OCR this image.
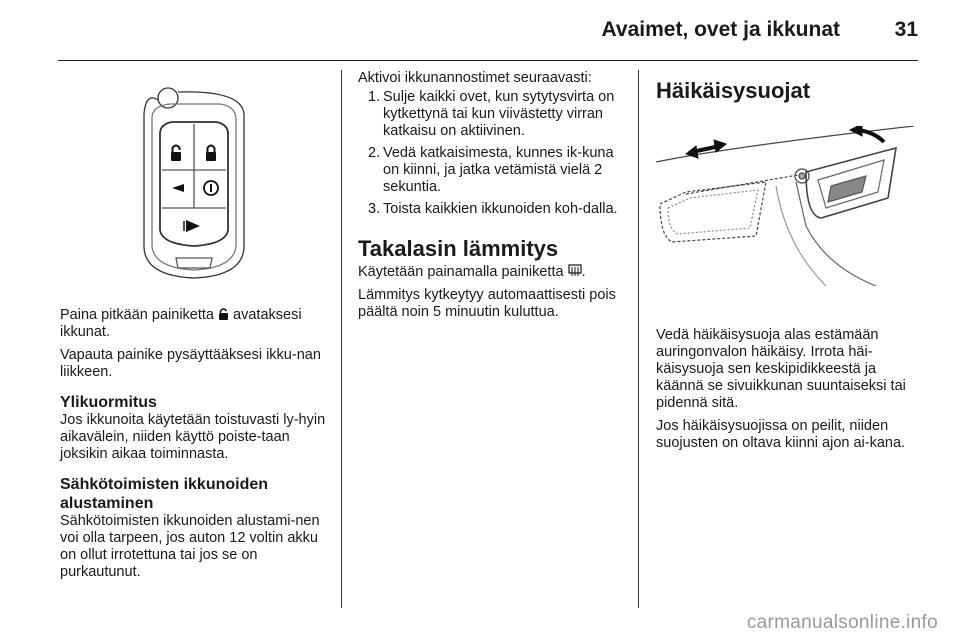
Avaimet, ovet ja ikkunat	31

Paina pitkään painiketta  avataksesi ikkunat.

Vapauta painike pysäyttääksesi ikku-nan liikkeen.

Ylikuormitus

Jos ikkunoita käytetään toistuvasti ly-hyin aikavälein, niiden käyttö poiste-taan joksikin aikaa toiminnasta.

Sähkötoimisten ikkunoiden
alustaminen

Sähkötoimisten ikkunoiden alustami-nen voi olla tarpeen, jos auton 12 voltin akku on ollut irrotettuna tai jos se on purkautunut.

Aktivoi ikkunannostimet seuraavasti:

1. Sulje kaikki ovet, kun sytytysvirta on kytkettynä tai kun viivästetty virran katkaisu on aktiivinen.
2. Vedä katkaisimesta, kunnes ik-kuna on kiinni, ja jatka vetämistä vielä 2 sekuntia.
3. Toista kaikkien ikkunoiden koh-dalla.
Takalasin lämmitys

Käytetään painamalla painiketta .

Lämmitys kytkeytyy automaattisesti pois päältä noin 5 minuutin kuluttua.

Häikäisysuojat

Vedä häikäisysuoja alas estämään auringonvalon häikäisy. Irrota häi-käisysuoja sen keskipidikkeestä ja käännä se sivuikkunan suuntaiseksi tai pidennä sitä.

Jos häikäisysuojissa on peilit, niiden suojusten on oltava kiinni ajon ai-kana.

carmanualsonline.info
